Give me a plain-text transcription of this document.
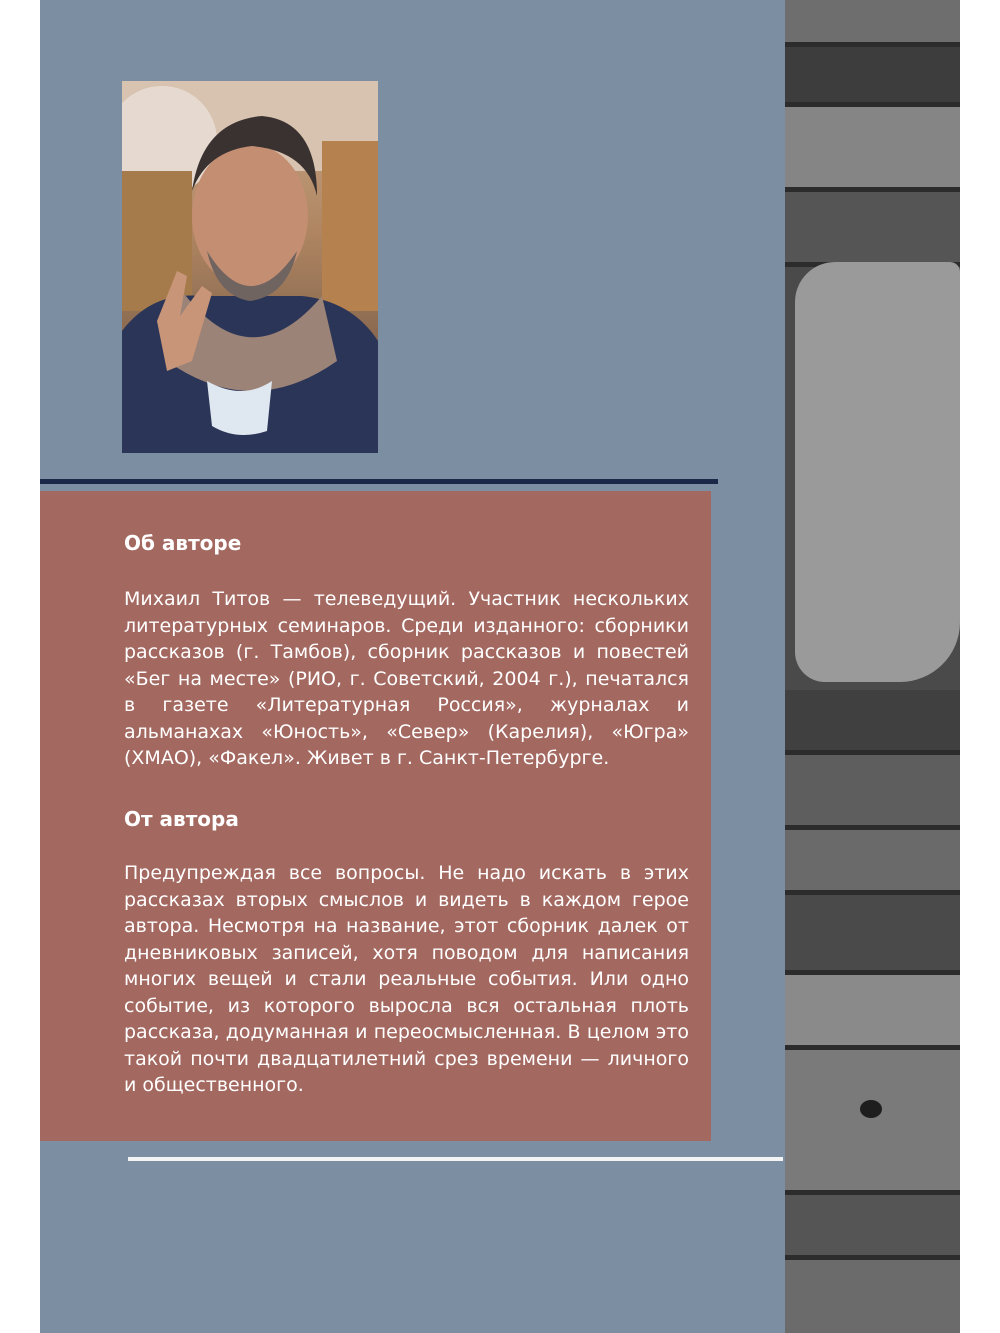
Об авторе

Михаил Титов — телеведущий. Участник нескольких литературных семинаров. Среди изданного: сборники рассказов (г. Тамбов), сборник рассказов и повестей «Бег на месте» (РИО, г. Советский, 2004 г.), печатался в газете «Литературная Россия», журналах и альманахах «Юность», «Север» (Карелия), «Югра» (ХМАО), «Факел». Живет в г. Санкт-Петербурге.

От автора

Предупреждая все вопросы. Не надо искать в этих рассказах вторых смыслов и видеть в каждом герое автора. Несмотря на название, этот сборник далек от дневниковых записей, хотя поводом для написания многих вещей и стали реальные события. Или одно событие, из которого выросла вся остальная плоть рассказа, додуманная и переосмысленная. В целом это такой почти двадцатилетний срез времени — личного и общественного.
